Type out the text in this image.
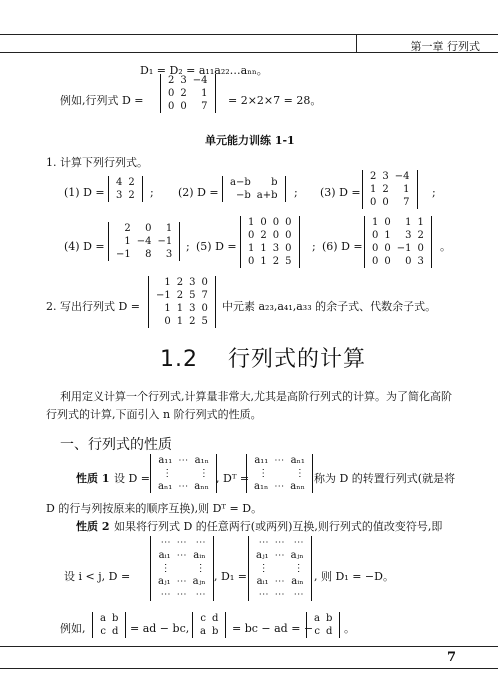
第一章 行列式
D₁ = D₂ = a₁₁a₂₂…aₙₙ。
例如,行列式 D =
2	3	−4
0	2	1
0	0	7 = 2×2×7 = 28。
单元能力训练 1-1
1. 计算下列行列式。
(1) D =
4	2
3	2 ; (2) D =
a−b	b
−b	a+b ; (3) D =
2	3	−4
1	2	1
0	0	7
;
(4) D =
2	0	1
1	−4	−1
−1	8	3
; (5) D =
1	0	0	0
0	2	0	0
1	1	3	0
0	1	2	5
; (6) D =
1	0	1	1
0	1	3	2
0	0	−1	0
0	0	0	3
。
2. 写出行列式 D =
1	2	3	0
−1	2	5	7
1	1	3	0
0	1	2	5
中元素 a₂₃,a₄₁,a₃₃ 的余子式、代数余子式。
1.2 行列式的计算
利用定义计算一个行列式,计算量非常大,尤其是高阶行列式的计算。为了简化高阶
行列式的计算,下面引入 n 阶行列式的性质。
一、行列式的性质
性质 1 设 D =
a₁₁	⋯	a₁ₙ
⋮		⋮
aₙ₁	⋯	aₙₙ
, Dᵀ =
a₁₁	⋯	aₙ₁
⋮		⋮
a₁ₙ	⋯	aₙₙ
称为 D 的转置行列式(就是将
D 的行与列按原来的顺序互换),则 Dᵀ = D。
性质 2 如果将行列式 D 的任意两行(或两列)互换,则行列式的值改变符号,即
设 i < j, D =
⋯	⋯	⋯
aᵢ₁	⋯	aᵢₙ
⋮		⋮
aⱼ₁	⋯	aⱼₙ
⋯	⋯	⋯
, D₁ =
⋯	⋯	⋯
aⱼ₁	⋯	aⱼₙ
⋮		⋮
aᵢ₁	⋯	aᵢₙ
⋯	⋯	⋯
, 则 D₁ = −D。
例如,
a	b
c	d = ad − bc,
c	d
a	b = bc − ad = −
a	b
c	d 。
7
